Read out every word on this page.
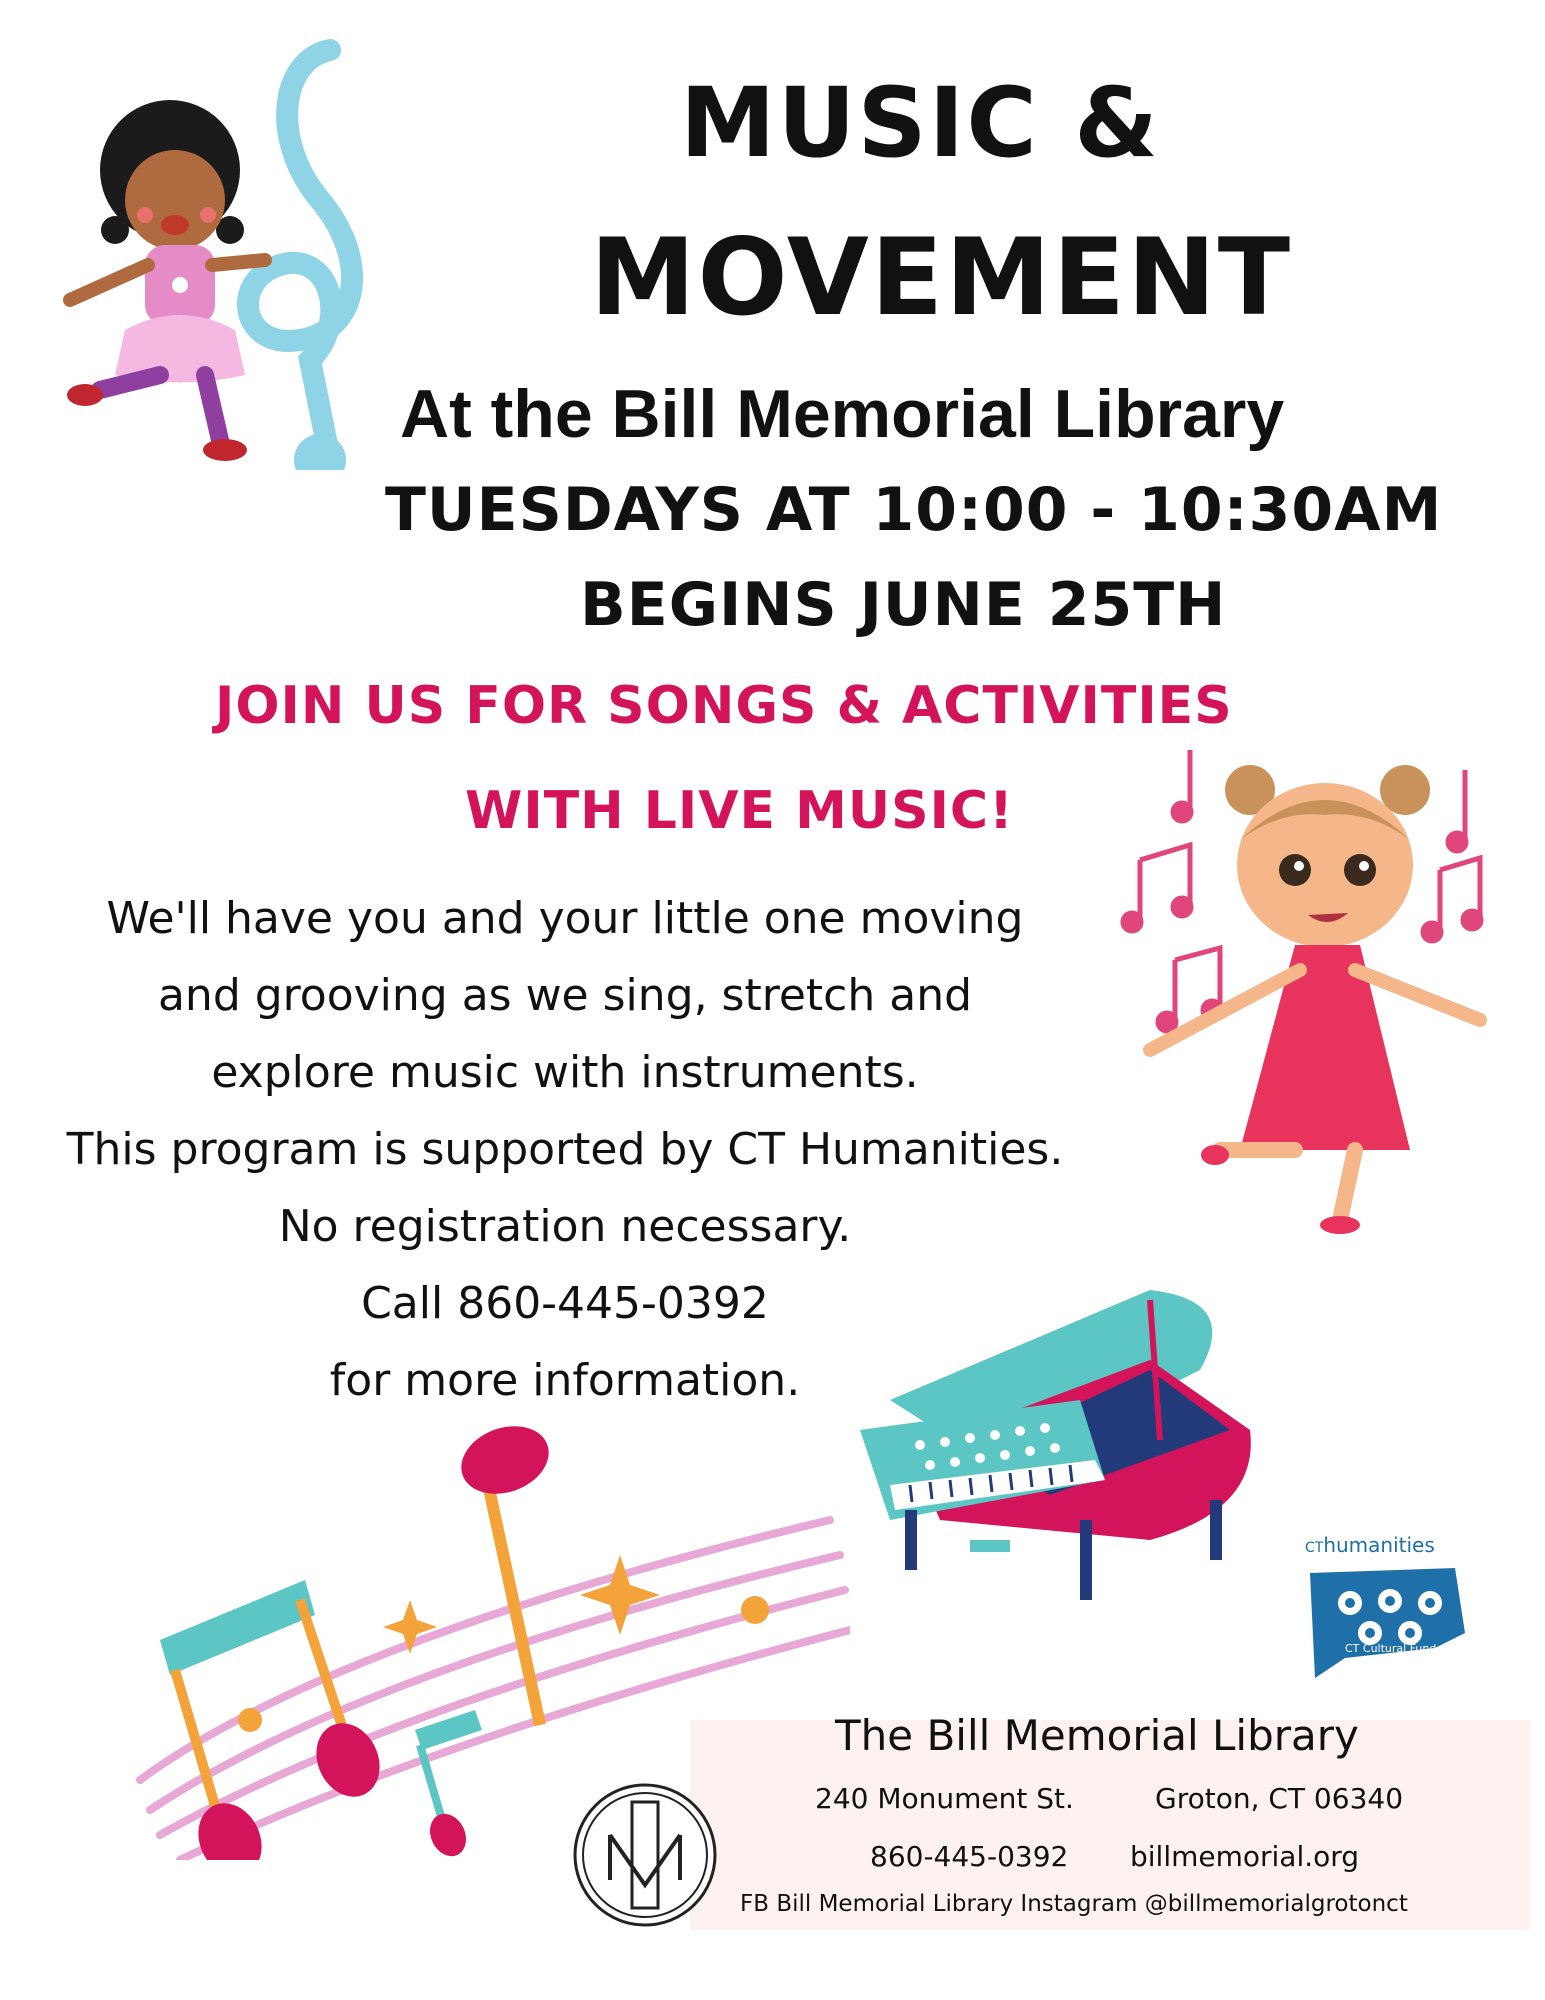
MUSIC &
MOVEMENT

At the Bill Memorial Library

TUESDAYS AT 10:00 - 10:30AM

BEGINS JUNE 25TH

JOIN US FOR SONGS & ACTIVITIES

WITH LIVE MUSIC!

We'll have you and your little one moving

and grooving as we sing, stretch and

explore music with instruments.

This program is supported by CT Humanities.

No registration necessary.

Call 860-445-0392

for more information.

CThumanities

CT Cultural Fund

The Bill Memorial Library

240 Monument St.	Groton, CT 06340

860-445-0392 billmemorial.org

FB Bill Memorial Library Instagram @billmemorialgrotonct
